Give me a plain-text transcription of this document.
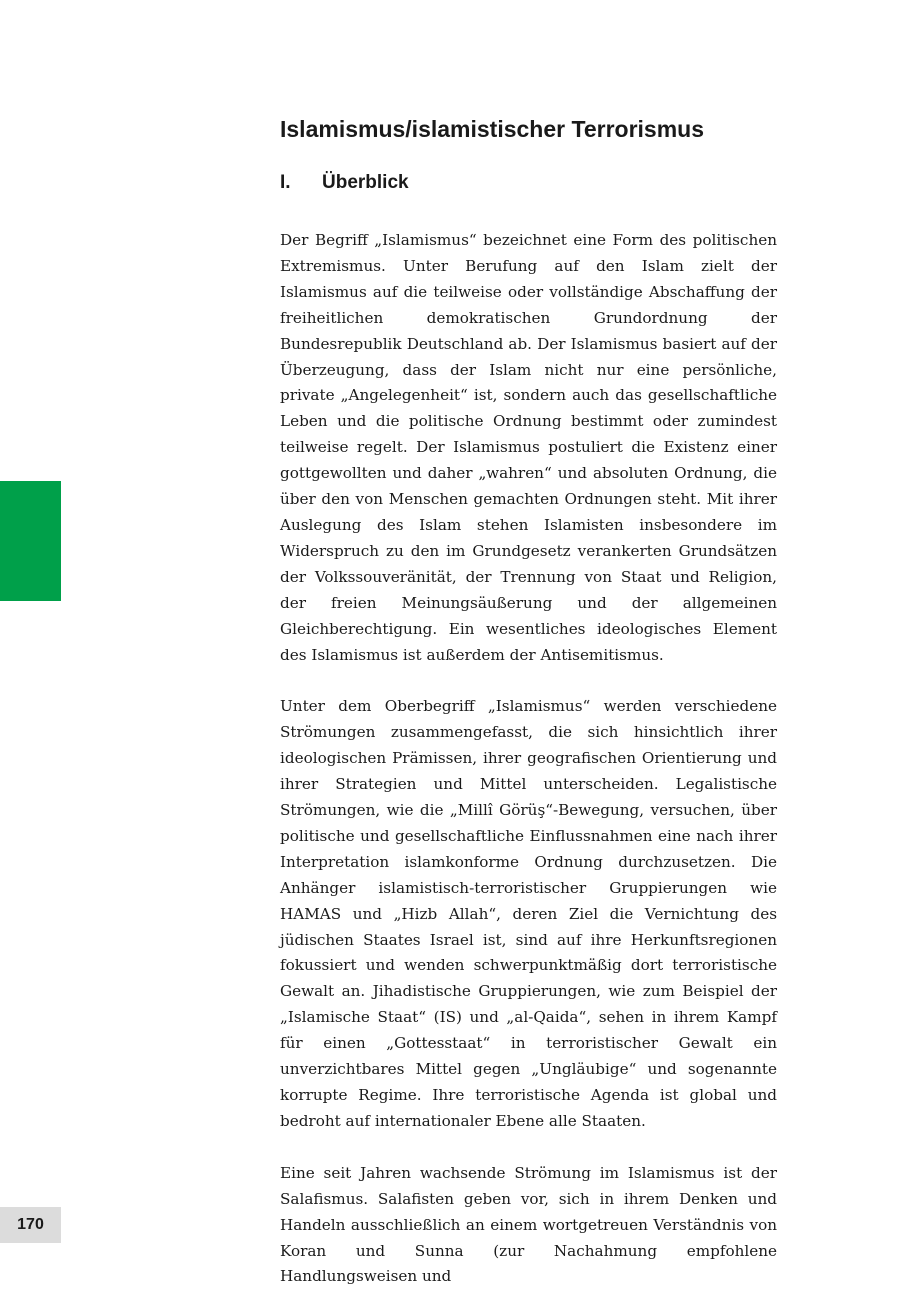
Islamismus/islamistischer Terrorismus
I.	Überblick

Der Begriff „Islamismus“ bezeichnet eine Form des politischen Extremismus. Unter Berufung auf den Islam zielt der Islamismus auf die teilweise oder vollständige Abschaffung der freiheitlichen demokratischen Grundordnung der Bundesrepublik Deutschland ab. Der Islamismus basiert auf der Überzeugung, dass der Islam nicht nur eine persönliche, private „Angelegenheit“ ist, sondern auch das gesellschaftliche Leben und die politische Ordnung bestimmt oder zumindest teilweise regelt. Der Islamismus postuliert die Existenz einer gottgewollten und daher „wahren“ und absoluten Ordnung, die über den von Menschen gemachten Ordnungen steht. Mit ihrer Auslegung des Islam stehen Islamisten insbesondere im Widerspruch zu den im Grundgesetz verankerten Grundsätzen der Volkssouveränität, der Trennung von Staat und Religion, der freien Meinungsäußerung und der allgemeinen Gleichberechtigung. Ein wesentliches ideologisches Element des Islamismus ist außerdem der Antisemitismus.

Unter dem Oberbegriff „Islamismus“ werden verschiedene Strömungen zusammengefasst, die sich hinsichtlich ihrer ideologischen Prämissen, ihrer geografischen Orientierung und ihrer Strategien und Mittel unterscheiden. Legalistische Strömungen, wie die „Millî Görüş“-Bewegung, versuchen, über politische und gesellschaftliche Einflussnahmen eine nach ihrer Interpretation islamkonforme Ordnung durchzusetzen. Die Anhänger islamistisch-terroristischer Gruppierungen wie HAMAS und „Hizb Allah“, deren Ziel die Vernichtung des jüdischen Staates Israel ist, sind auf ihre Herkunftsregionen fokussiert und wenden schwerpunktmäßig dort terroristische Gewalt an. Jihadistische Gruppierungen, wie zum Beispiel der „Islamische Staat“ (IS) und „al-Qaida“, sehen in ihrem Kampf für einen „Gottesstaat“ in terroristischer Gewalt ein unverzichtbares Mittel gegen „Ungläubige“ und sogenannte korrupte Regime. Ihre terroristische Agenda ist global und bedroht auf internationaler Ebene alle Staaten.

Eine seit Jahren wachsende Strömung im Islamismus ist der Salafismus. Salafisten geben vor, sich in ihrem Denken und Handeln ausschließlich an einem wortgetreuen Verständnis von Koran und Sunna (zur Nachahmung empfohlene Handlungsweisen und

170
